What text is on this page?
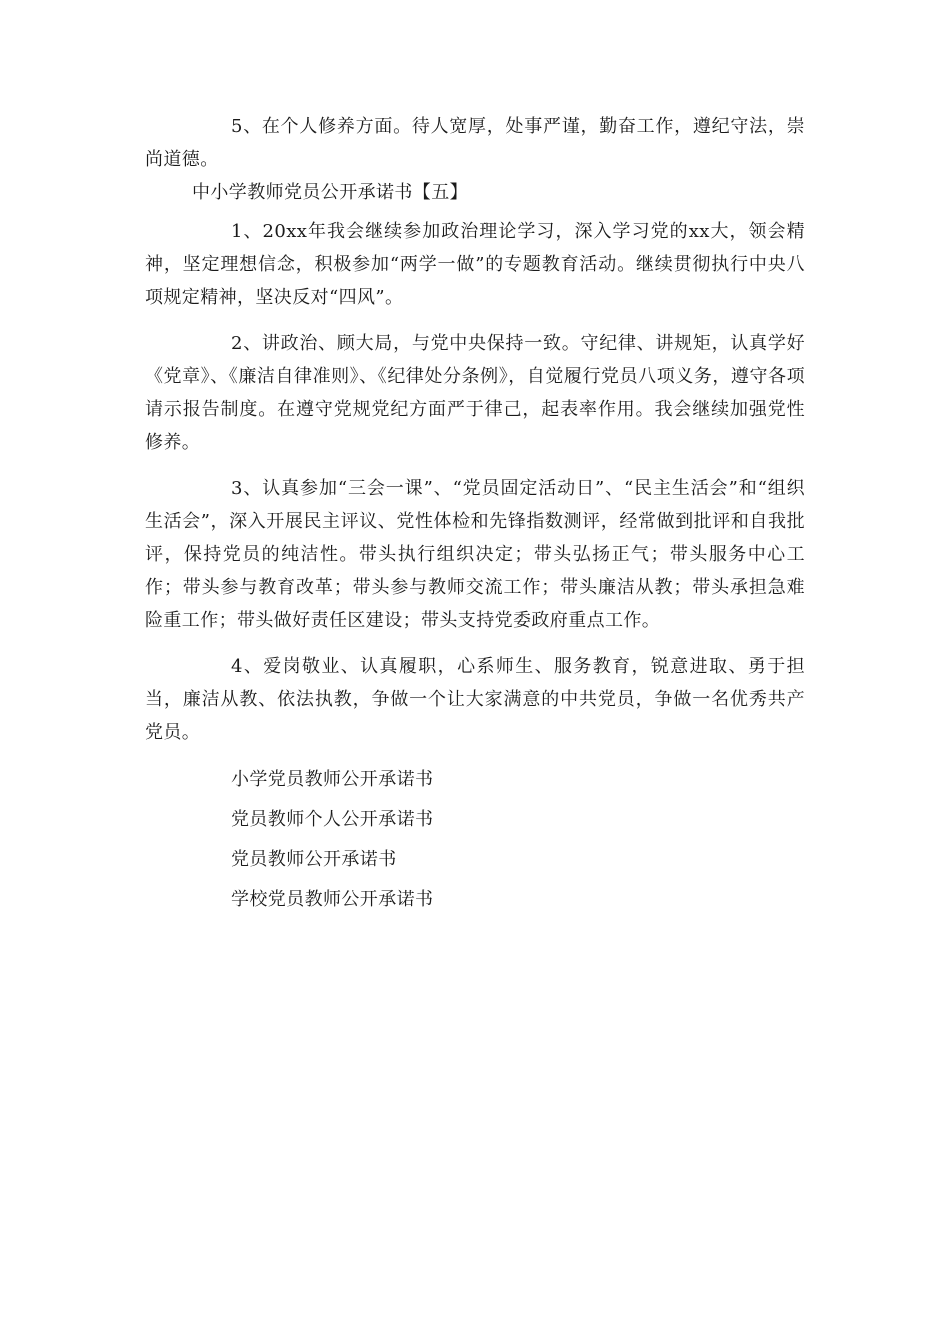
5、在个人修养方面。待人宽厚，处事严谨，勤奋工作，遵纪守法，崇尚道德。

中小学教师党员公开承诺书【五】

1、20xx年我会继续参加政治理论学习，深入学习党的xx大，领会精神，坚定理想信念，积极参加“两学一做”的专题教育活动。继续贯彻执行中央八项规定精神，坚决反对“四风”。

2、讲政治、顾大局，与党中央保持一致。守纪律、讲规矩，认真学好《党章》、《廉洁自律准则》、《纪律处分条例》，自觉履行党员八项义务，遵守各项请示报告制度。在遵守党规党纪方面严于律己，起表率作用。我会继续加强党性修养。

3、认真参加“三会一课”、“党员固定活动日”、“民主生活会”和“组织生活会”，深入开展民主评议、党性体检和先锋指数测评，经常做到批评和自我批评，保持党员的纯洁性。带头执行组织决定；带头弘扬正气；带头服务中心工作；带头参与教育改革；带头参与教师交流工作；带头廉洁从教；带头承担急难险重工作；带头做好责任区建设；带头支持党委政府重点工作。

4、爱岗敬业、认真履职，心系师生、服务教育，锐意进取、勇于担当，廉洁从教、依法执教，争做一个让大家满意的中共党员，争做一名优秀共产党员。

小学党员教师公开承诺书
党员教师个人公开承诺书
党员教师公开承诺书
学校党员教师公开承诺书
